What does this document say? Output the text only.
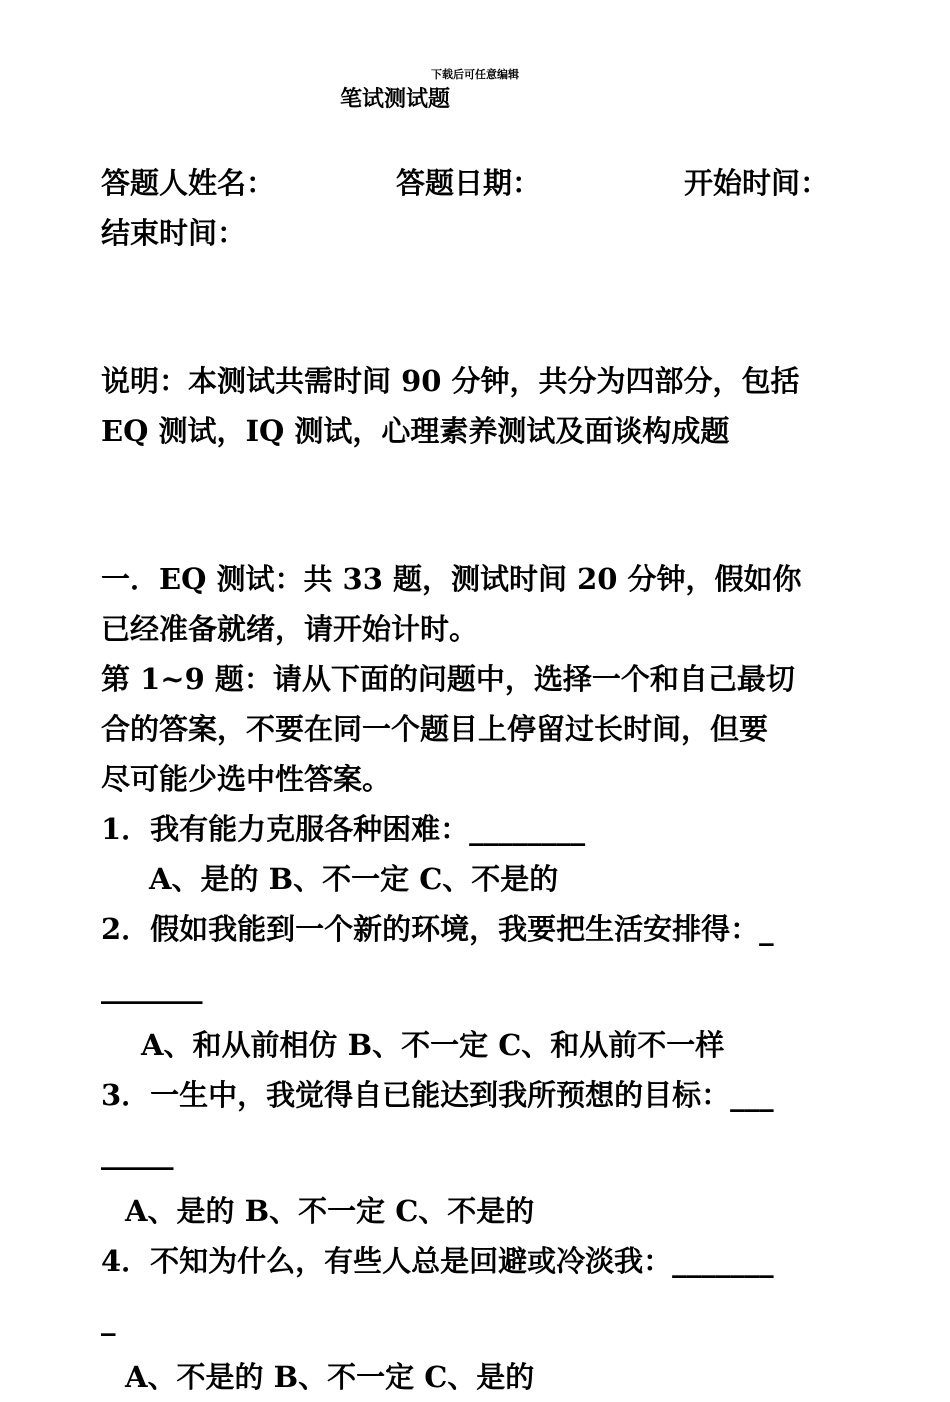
下载后可任意编辑
笔试测试题
答题人姓名：	答题日期：	开始时间：
结束时间：
说明：本测试共需时间 90 分钟，共分为四部分，包括
EQ 测试，IQ 测试，心理素养测试及面谈构成题
一．EQ 测试：共 33 题，测试时间 20 分钟，假如你
已经准备就绪，请开始计时。
第 1~9 题：请从下面的问题中，选择一个和自己最切
合的答案，不要在同一个题目上停留过长时间，但要
尽可能少选中性答案。
1．我有能力克服各种困难：________
A、是的 B、不一定 C、不是的
2．假如我能到一个新的环境，我要把生活安排得：_
_______
A、和从前相仿 B、不一定 C、和从前不一样
3．一生中，我觉得自已能达到我所预想的目标：___
_____
A、是的 B、不一定 C、不是的
4．不知为什么，有些人总是回避或冷淡我：_______
_
A、不是的 B、不一定 C、是的
